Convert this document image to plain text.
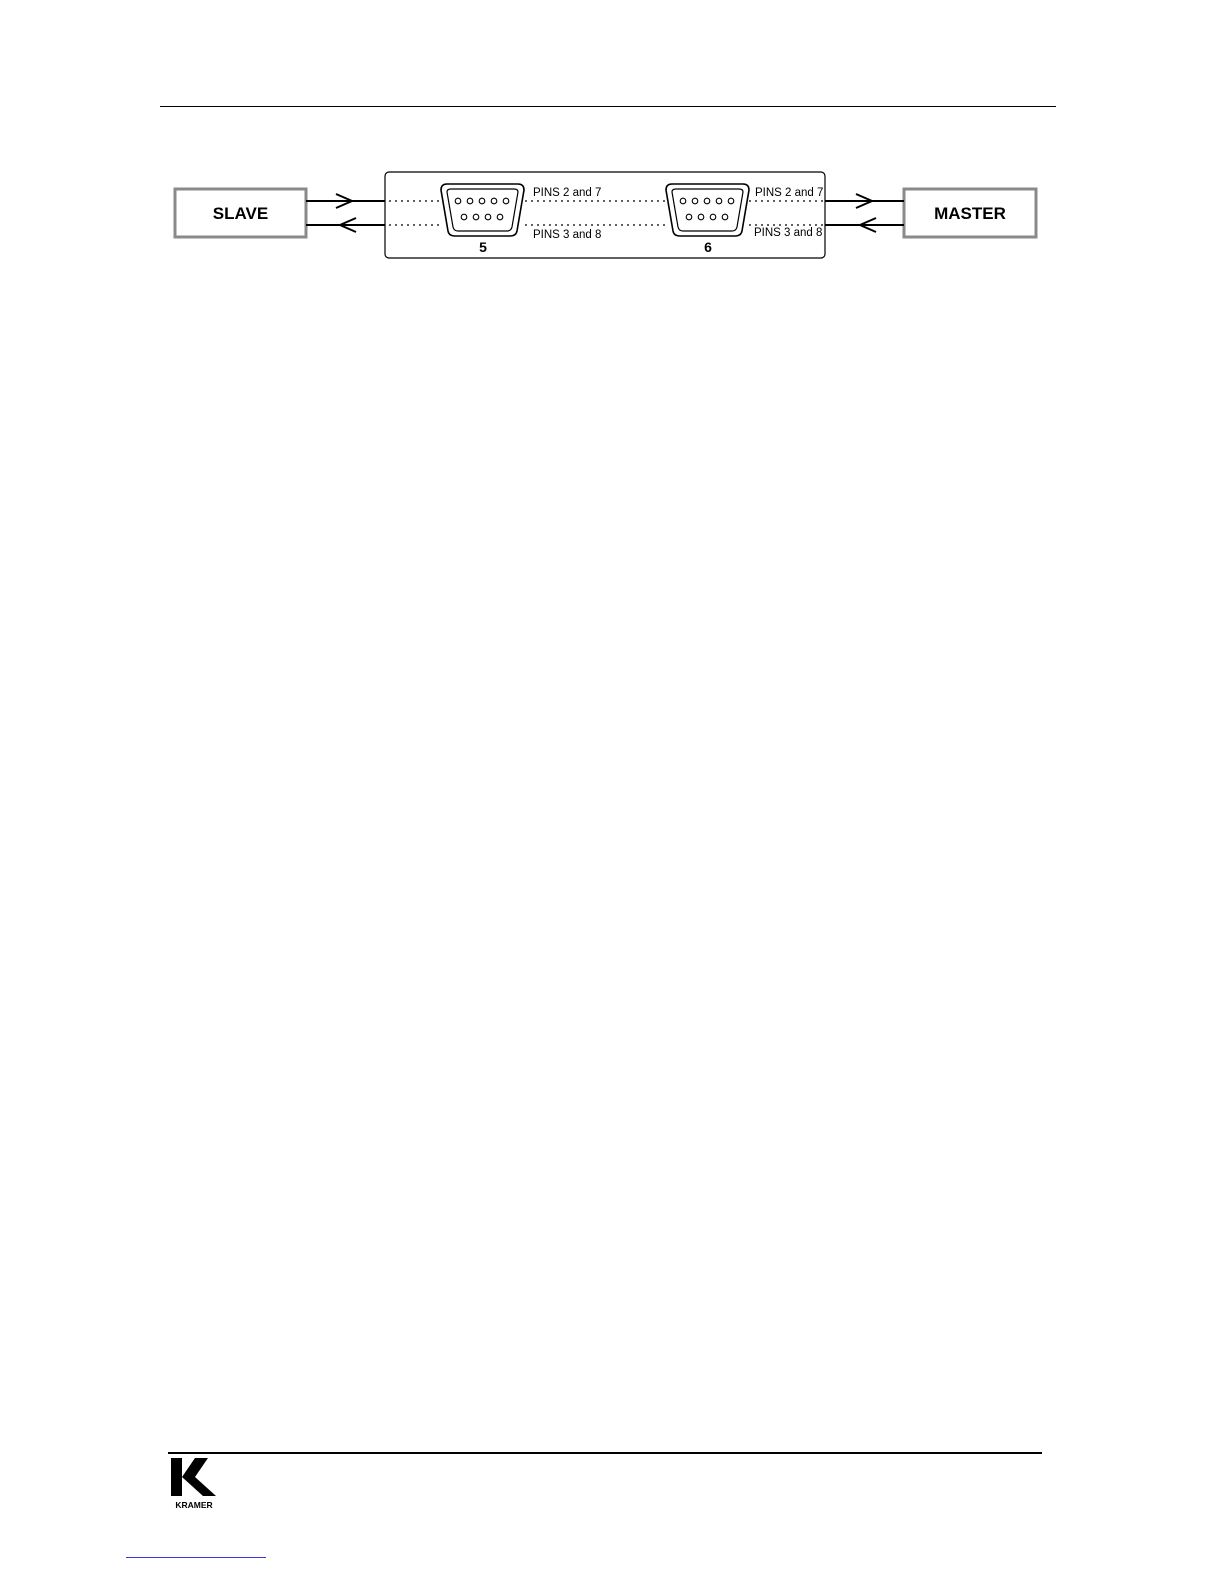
SLAVE	MASTER
PINS 2 and 7
PINS 3 and 8
PINS 2 and 7
PINS 3 and 8
5	6
KRAMER
